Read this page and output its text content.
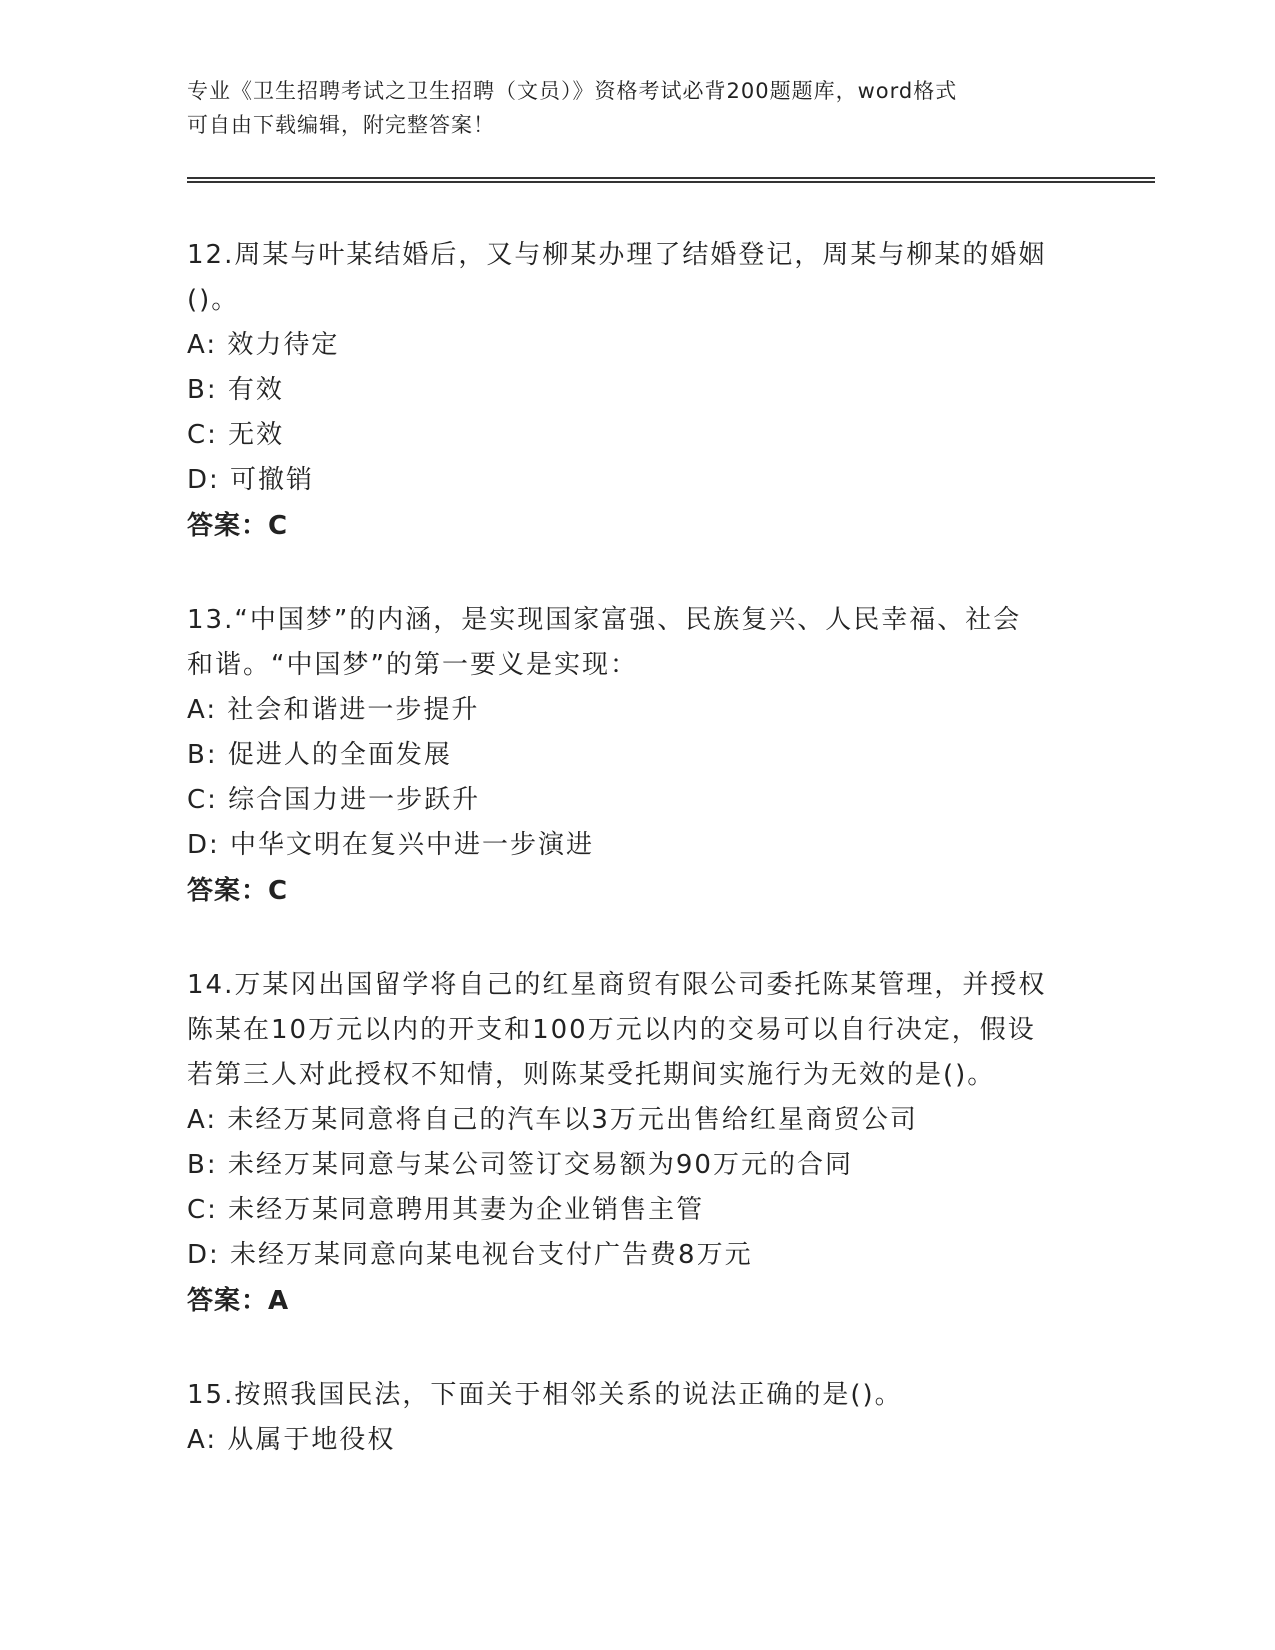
专业《卫生招聘考试之卫生招聘（文员）》资格考试必背200题题库，word格式

可自由下载编辑，附完整答案！

12.周某与叶某结婚后，又与柳某办理了结婚登记，周某与柳某的婚姻
()。
A: 效力待定
B: 有效
C: 无效
D: 可撤销
答案：C
13.“中国梦”的内涵，是实现国家富强、民族复兴、人民幸福、社会
和谐。“中国梦”的第一要义是实现：
A: 社会和谐进一步提升
B: 促进人的全面发展
C: 综合国力进一步跃升
D: 中华文明在复兴中进一步演进
答案：C
14.万某冈出国留学将自己的红星商贸有限公司委托陈某管理，并授权
陈某在10万元以内的开支和100万元以内的交易可以自行决定，假设
若第三人对此授权不知情，则陈某受托期间实施行为无效的是()。
A: 未经万某同意将自己的汽车以3万元出售给红星商贸公司
B: 未经万某同意与某公司签订交易额为90万元的合同
C: 未经万某同意聘用其妻为企业销售主管
D: 未经万某同意向某电视台支付广告费8万元
答案：A
15.按照我国民法，下面关于相邻关系的说法正确的是()。
A: 从属于地役权
